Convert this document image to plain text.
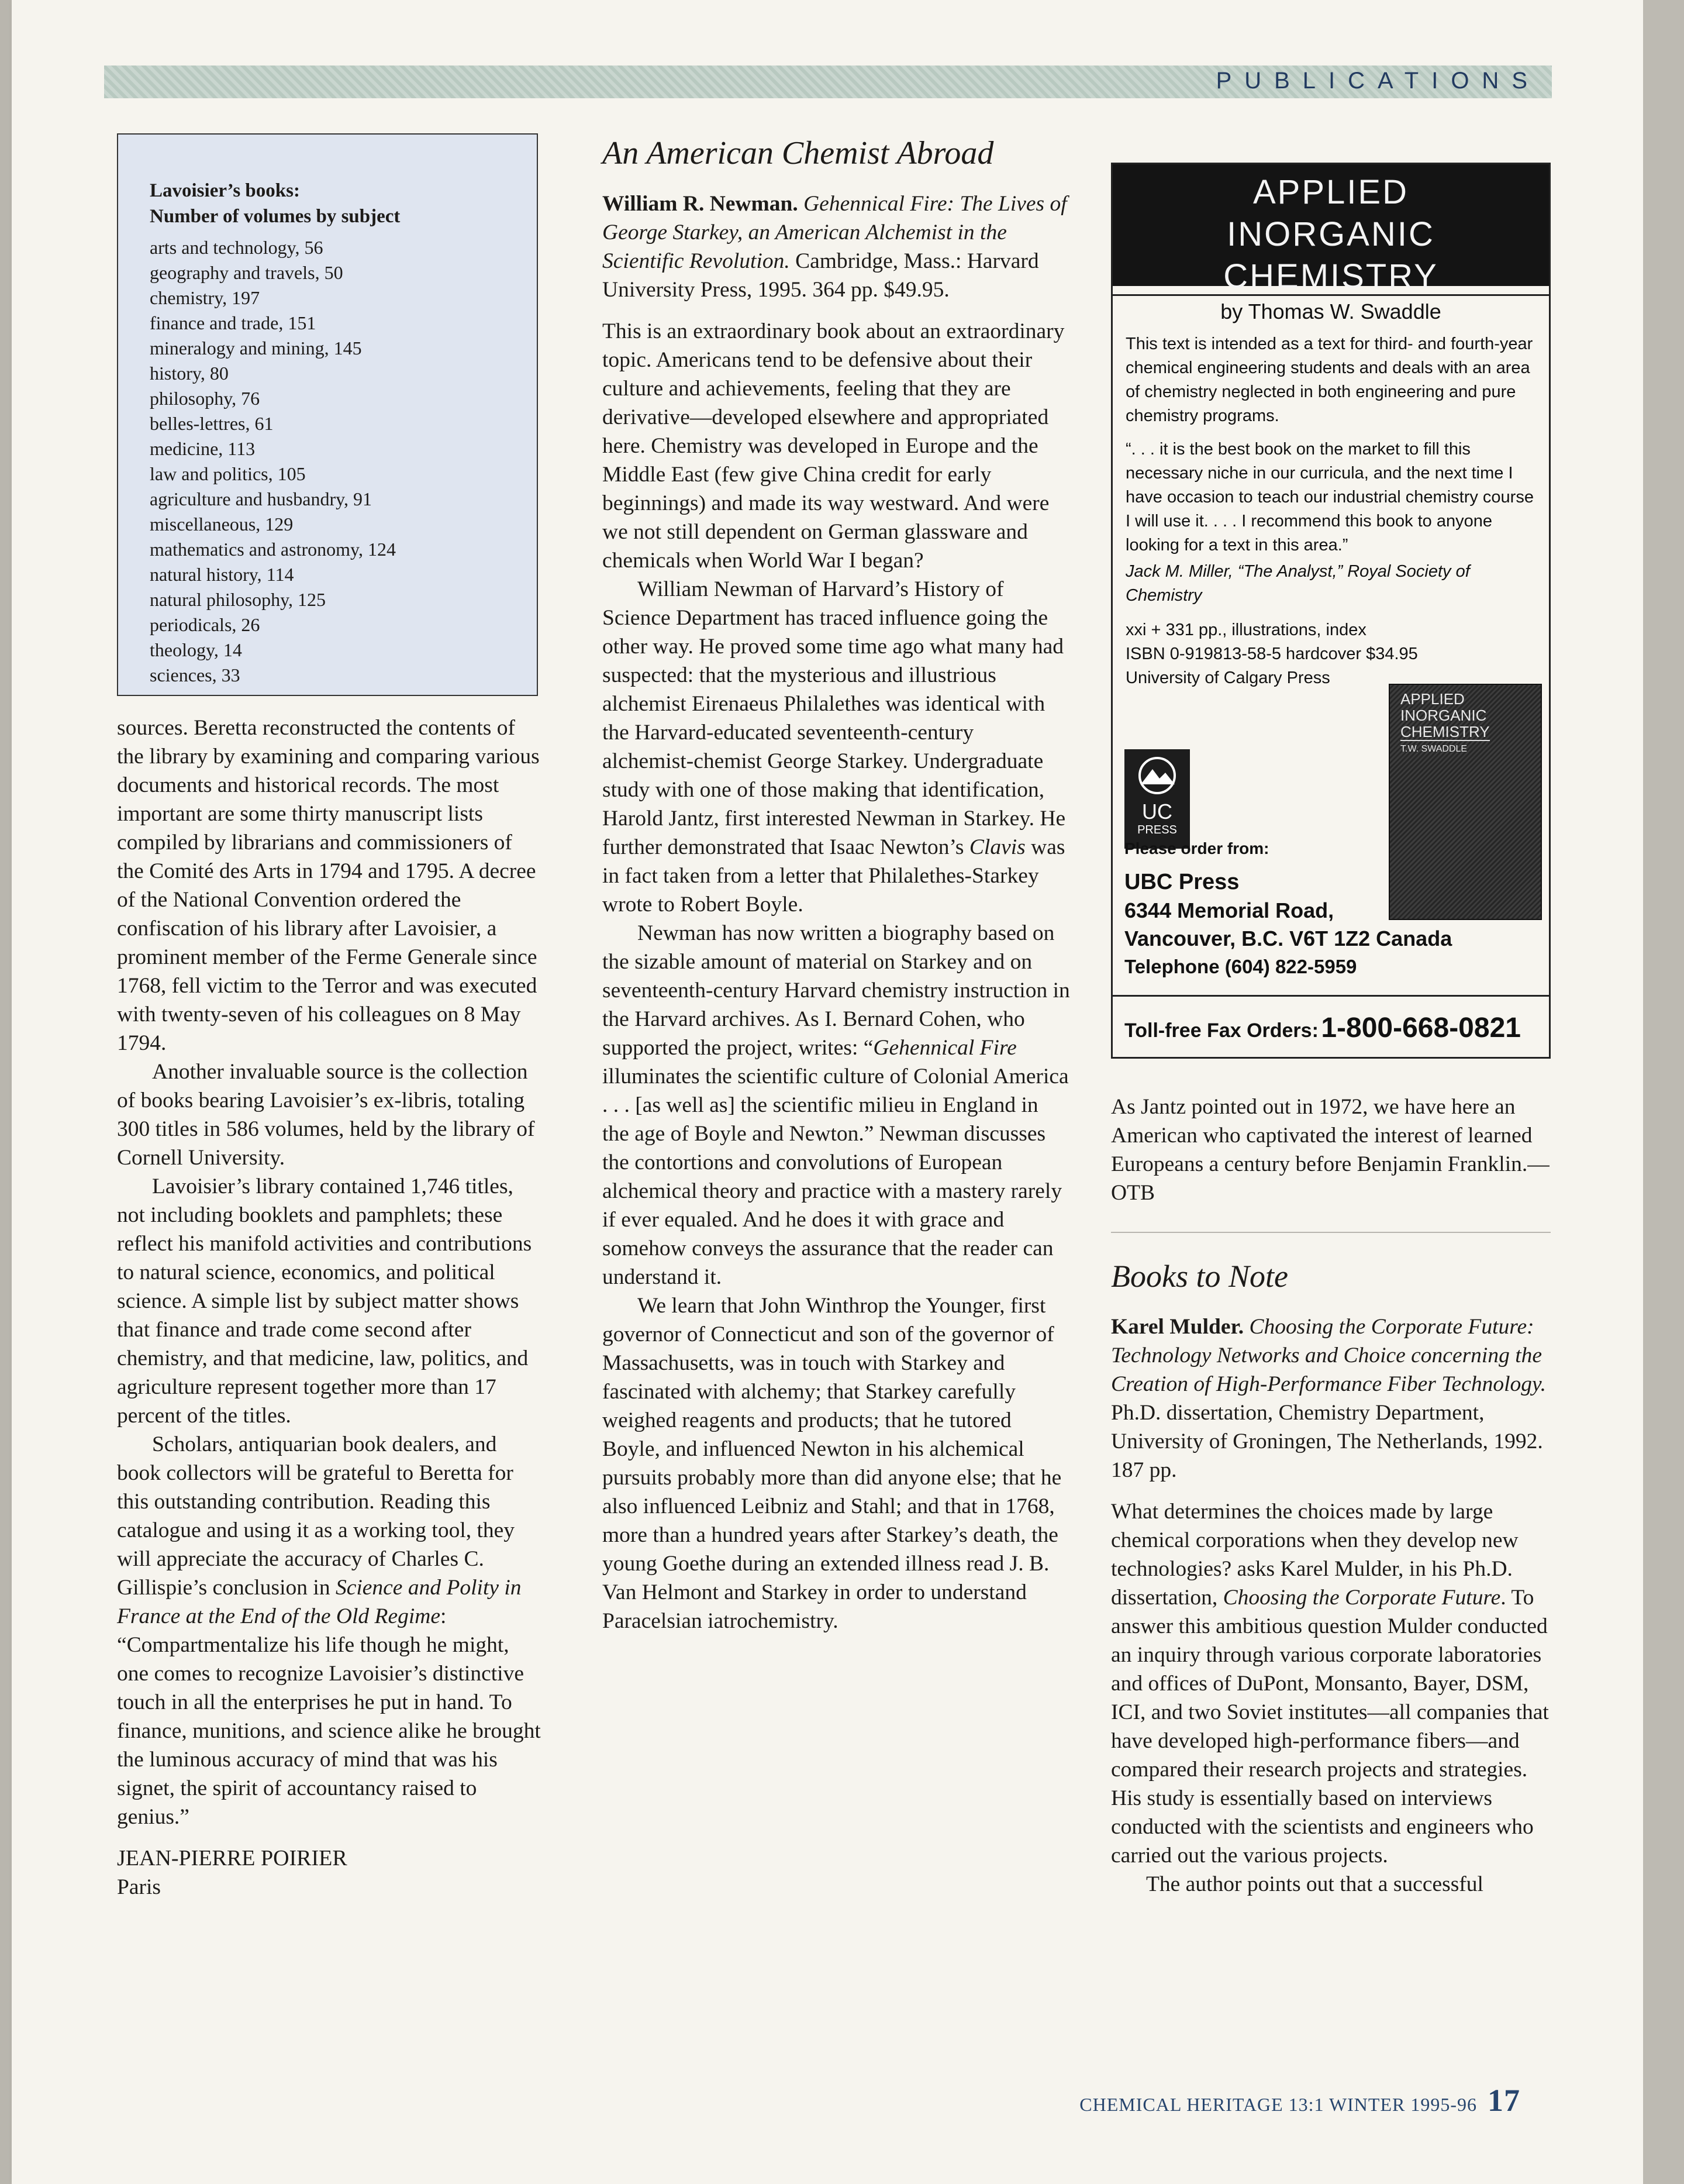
PUBLICATIONS
Lavoisier’s books:
Number of volumes by subject
arts and technology, 56
geography and travels, 50
chemistry, 197
finance and trade, 151
mineralogy and mining, 145
history, 80
philosophy, 76
belles-lettres, 61
medicine, 113
law and politics, 105
agriculture and husbandry, 91
miscellaneous, 129
mathematics and astronomy, 124
natural history, 114
natural philosophy, 125
periodicals, 26
theology, 14
sciences, 33

sources. Beretta reconstructed the contents of the library by examining and comparing various documents and historical records. The most important are some thirty manuscript lists compiled by librarians and commissioners of the Comité des Arts in 1794 and 1795. A decree of the National Convention ordered the confiscation of his library after Lavoisier, a prominent member of the Ferme Generale since 1768, fell victim to the Terror and was executed with twenty-seven of his colleagues on 8 May 1794.

Another invaluable source is the collection of books bearing Lavoisier’s ex-libris, totaling 300 titles in 586 volumes, held by the library of Cornell University.

Lavoisier’s library contained 1,746 titles, not including booklets and pamphlets; these reflect his manifold activities and contributions to natural science, economics, and political science. A simple list by subject matter shows that finance and trade come second after chemistry, and that medicine, law, politics, and agriculture represent together more than 17 percent of the titles.

Scholars, antiquarian book dealers, and book collectors will be grateful to Beretta for this outstanding contribution. Reading this catalogue and using it as a working tool, they will appreciate the accuracy of Charles C. Gillispie’s conclusion in Science and Polity in France at the End of the Old Regime: “Compartmentalize his life though he might, one comes to recognize Lavoisier’s distinctive touch in all the enterprises he put in hand. To finance, munitions, and science alike he brought the luminous accuracy of mind that was his signet, the spirit of accountancy raised to genius.”

JEAN-PIERRE POIRIER

Paris

An American Chemist Abroad

William R. Newman. Gehennical Fire: The Lives of George Starkey, an American Alchemist in the Scientific Revolution. Cambridge, Mass.: Harvard University Press, 1995. 364 pp. $49.95.

This is an extraordinary book about an extraordinary topic. Americans tend to be defensive about their culture and achievements, feeling that they are derivative—developed elsewhere and appropriated here. Chemistry was developed in Europe and the Middle East (few give China credit for early beginnings) and made its way westward. And were we not still dependent on German glassware and chemicals when World War I began?

William Newman of Harvard’s History of Science Department has traced influence going the other way. He proved some time ago what many had suspected: that the mysterious and illustrious alchemist Eirenaeus Philalethes was identical with the Harvard-educated seventeenth-century alchemist-chemist George Starkey. Undergraduate study with one of those making that identification, Harold Jantz, first interested Newman in Starkey. He further demonstrated that Isaac Newton’s Clavis was in fact taken from a letter that Philalethes-Starkey wrote to Robert Boyle.

Newman has now written a biography based on the sizable amount of material on Starkey and on seventeenth-century Harvard chemistry instruction in the Harvard archives. As I. Bernard Cohen, who supported the project, writes: “Gehennical Fire illuminates the scientific culture of Colonial America . . . [as well as] the scientific milieu in England in the age of Boyle and Newton.” Newman discusses the contortions and convolutions of European alchemical theory and practice with a mastery rarely if ever equaled. And he does it with grace and somehow conveys the assurance that the reader can understand it.

We learn that John Winthrop the Younger, first governor of Connecticut and son of the governor of Massachusetts, was in touch with Starkey and fascinated with alchemy; that Starkey carefully weighed reagents and products; that he tutored Boyle, and influenced Newton in his alchemical pursuits probably more than did anyone else; that he also influenced Leibniz and Stahl; and that in 1768, more than a hundred years after Starkey’s death, the young Goethe during an extended illness read J. B. Van Helmont and Starkey in order to understand Paracelsian iatrochemistry.

APPLIED
INORGANIC
CHEMISTRY
by Thomas W. Swaddle

This text is intended as a text for third- and fourth-year chemical engineering students and deals with an area of chemistry neglected in both engineering and pure chemistry programs.

“. . . it is the best book on the market to fill this necessary niche in our curricula, and the next time I have occasion to teach our industrial chemistry course I will use it. . . . I recommend this book to anyone looking for a text in this area.”

Jack M. Miller, “The Analyst,” Royal Society of Chemistry

xxi + 331 pp., illustrations, index

ISBN 0-919813-58-5 hardcover $34.95

University of Calgary Press

APPLIED
INORGANIC
CHEMISTRY
T.W. SWADDLE
UC
PRESS
Please order from:
UBC Press
6344 Memorial Road,
Vancouver, B.C. V6T 1Z2 Canada
Telephone (604) 822-5959
Toll-free Fax Orders: 1-800-668-0821

As Jantz pointed out in 1972, we have here an American who captivated the interest of learned Europeans a century before Benjamin Franklin.—OTB

Books to Note

Karel Mulder. Choosing the Corporate Future: Technology Networks and Choice concerning the Creation of High-Performance Fiber Technology. Ph.D. dissertation, Chemistry Department, University of Groningen, The Netherlands, 1992. 187 pp.

What determines the choices made by large chemical corporations when they develop new technologies? asks Karel Mulder, in his Ph.D. dissertation, Choosing the Corporate Future. To answer this ambitious question Mulder conducted an inquiry through various corporate laboratories and offices of DuPont, Monsanto, Bayer, DSM, ICI, and two Soviet institutes—all companies that have developed high-performance fibers—and compared their research projects and strategies. His study is essentially based on interviews conducted with the scientists and engineers who carried out the various projects.

The author points out that a successful

CHEMICAL HERITAGE 13:1 WINTER 1995-96 17
